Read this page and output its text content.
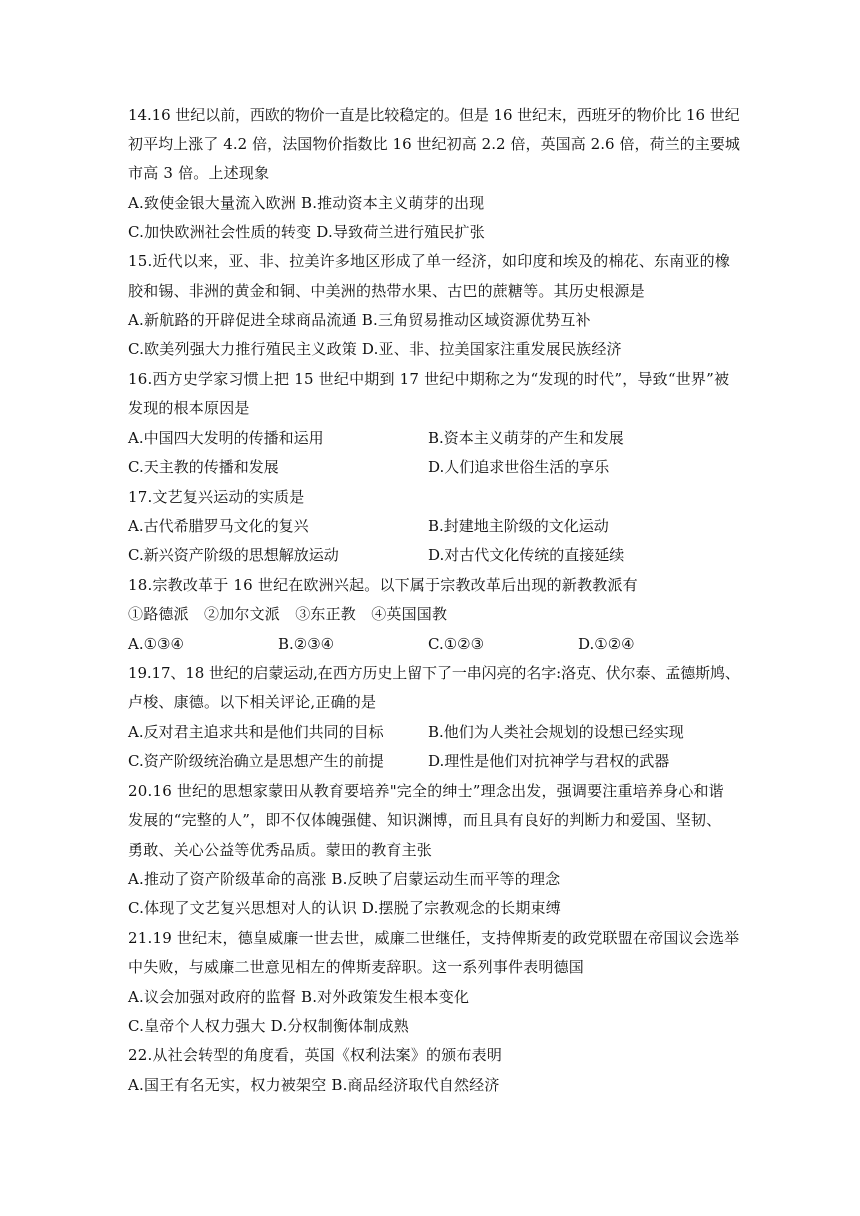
14.16 世纪以前，西欧的物价一直是比较稳定的。但是 16 世纪末，西班牙的物价比 16 世纪
初平均上涨了 4.2 倍，法国物价指数比 16 世纪初高 2.2 倍，英国高 2.6 倍，荷兰的主要城
市高 3 倍。上述现象
A.致使金银大量流入欧洲 B.推动资本主义萌芽的出现
C.加快欧洲社会性质的转变 D.导致荷兰进行殖民扩张
15.近代以来，亚、非、拉美许多地区形成了单一经济，如印度和埃及的棉花、东南亚的橡
胶和锡、非洲的黄金和铜、中美洲的热带水果、古巴的蔗糖等。其历史根源是
A.新航路的开辟促进全球商品流通 B.三角贸易推动区域资源优势互补
C.欧美列强大力推行殖民主义政策 D.亚、非、拉美国家注重发展民族经济
16.西方史学家习惯上把 15 世纪中期到 17 世纪中期称之为“发现的时代”，导致“世界”被
发现的根本原因是
A.中国四大发明的传播和运用	B.资本主义萌芽的产生和发展
C.天主教的传播和发展	D.人们追求世俗生活的享乐
17.文艺复兴运动的实质是
A.古代希腊罗马文化的复兴	B.封建地主阶级的文化运动
C.新兴资产阶级的思想解放运动	D.对古代文化传统的直接延续
18.宗教改革于 16 世纪在欧洲兴起。以下属于宗教改革后出现的新教教派有
①路德派　②加尔文派　③东正教　④英国国教
A.①③④	B.②③④	C.①②③	D.①②④
19.17、18 世纪的启蒙运动,在西方历史上留下了一串闪亮的名字:洛克、伏尔泰、孟德斯鸠、
卢梭、康德。以下相关评论,正确的是
A.反对君主追求共和是他们共同的目标	B.他们为人类社会规划的设想已经实现
C.资产阶级统治确立是思想产生的前提	D.理性是他们对抗神学与君权的武器
20.16 世纪的思想家蒙田从教育要培养"完全的绅士”理念出发，强调要注重培养身心和谐
发展的“完整的人”，即不仅体魄强健、知识渊博，而且具有良好的判断力和爱国、坚韧、
勇敢、关心公益等优秀品质。蒙田的教育主张
A.推动了资产阶级革命的高涨 B.反映了启蒙运动生而平等的理念
C.体现了文艺复兴思想对人的认识 D.摆脱了宗教观念的长期束缚
21.19 世纪末，德皇威廉一世去世，威廉二世继任，支持俾斯麦的政党联盟在帝国议会选举
中失败，与威廉二世意见相左的俾斯麦辞职。这一系列事件表明德国
A.议会加强对政府的监督 B.对外政策发生根本变化
C.皇帝个人权力强大 D.分权制衡体制成熟
22.从社会转型的角度看，英国《权利法案》的颁布表明
A.国王有名无实，权力被架空 B.商品经济取代自然经济
